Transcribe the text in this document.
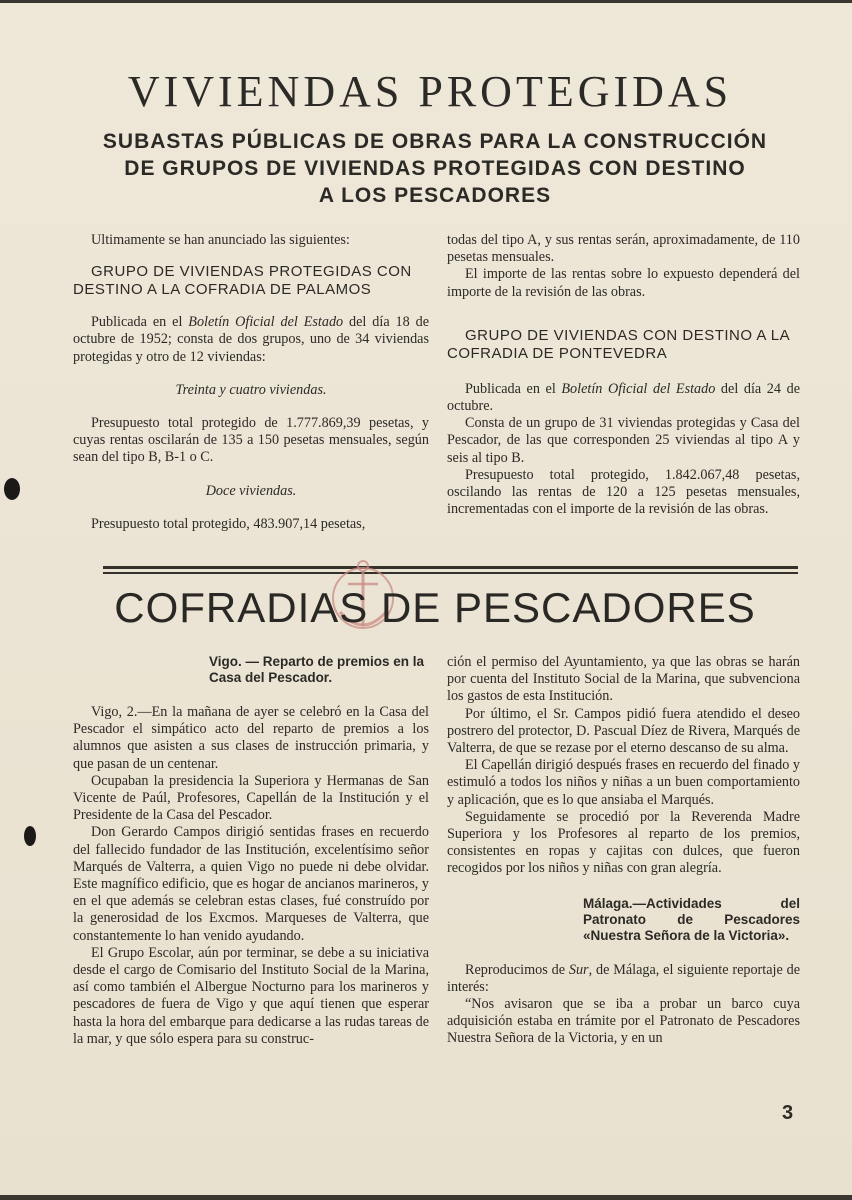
VIVIENDAS PROTEGIDAS
SUBASTAS PÚBLICAS DE OBRAS PARA LA CONSTRUCCIÓN
DE GRUPOS DE VIVIENDAS PROTEGIDAS CON DESTINO
A LOS PESCADORES

Ultimamente se han anunciado las siguientes:

GRUPO DE VIVIENDAS PROTEGIDAS CON DESTINO A LA COFRADIA DE PALAMOS

Publicada en el Boletín Oficial del Estado del día 18 de octubre de 1952; consta de dos grupos, uno de 34 viviendas protegidas y otro de 12 viviendas:

Treinta y cuatro viviendas.

Presupuesto total protegido de 1.777.869,39 pesetas, y cuyas rentas oscilarán de 135 a 150 pesetas mensuales, según sean del tipo B, B-1 o C.

Doce viviendas.

Presupuesto total protegido, 483.907,14 pesetas,

todas del tipo A, y sus rentas serán, aproximadamente, de 110 pesetas mensuales.

El importe de las rentas sobre lo expuesto dependerá del importe de la revisión de las obras.

GRUPO DE VIVIENDAS CON DESTINO A LA COFRADIA DE PONTEVEDRA

Publicada en el Boletín Oficial del Estado del día 24 de octubre.

Consta de un grupo de 31 viviendas protegidas y Casa del Pescador, de las que corresponden 25 viviendas al tipo A y seis al tipo B.

Presupuesto total protegido, 1.842.067,48 pesetas, oscilando las rentas de 120 a 125 pesetas mensuales, incrementadas con el importe de la revisión de las obras.

COFRADIAS DE PESCADORES

Vigo. — Reparto de premios en la Casa del Pescador.

Vigo, 2.—En la mañana de ayer se celebró en la Casa del Pescador el simpático acto del reparto de premios a los alumnos que asisten a sus clases de instrucción primaria, y que pasan de un centenar.

Ocupaban la presidencia la Superiora y Hermanas de San Vicente de Paúl, Profesores, Capellán de la Institución y el Presidente de la Casa del Pescador.

Don Gerardo Campos dirigió sentidas frases en recuerdo del fallecido fundador de las Institución, excelentísimo señor Marqués de Valterra, a quien Vigo no puede ni debe olvidar. Este magnífico edificio, que es hogar de ancianos marineros, y en el que además se celebran estas clases, fué construído por la generosidad de los Excmos. Marqueses de Valterra, que constantemente lo han venido ayudando.

El Grupo Escolar, aún por terminar, se debe a su iniciativa desde el cargo de Comisario del Instituto Social de la Marina, así como también el Albergue Nocturno para los marineros y pescadores de fuera de Vigo y que aquí tienen que esperar hasta la hora del embarque para dedicarse a las rudas tareas de la mar, y que sólo espera para su construc-

ción el permiso del Ayuntamiento, ya que las obras se harán por cuenta del Instituto Social de la Marina, que subvenciona los gastos de esta Institución.

Por último, el Sr. Campos pidió fuera atendido el deseo postrero del protector, D. Pascual Díez de Rivera, Marqués de Valterra, de que se rezase por el eterno descanso de su alma.

El Capellán dirigió después frases en recuerdo del finado y estimuló a todos los niños y niñas a un buen comportamiento y aplicación, que es lo que ansiaba el Marqués.

Seguidamente se procedió por la Reverenda Madre Superiora y los Profesores al reparto de los premios, consistentes en ropas y cajitas con dulces, que fueron recogidos por los niños y niñas con gran alegría.

Málaga.—Actividades del Patronato de Pescadores «Nuestra Señora de la Victoria».

Reproducimos de Sur, de Málaga, el siguiente reportaje de interés:

“Nos avisaron que se iba a probar un barco cuya adquisición estaba en trámite por el Patronato de Pescadores Nuestra Señora de la Victoria, y en un

3
